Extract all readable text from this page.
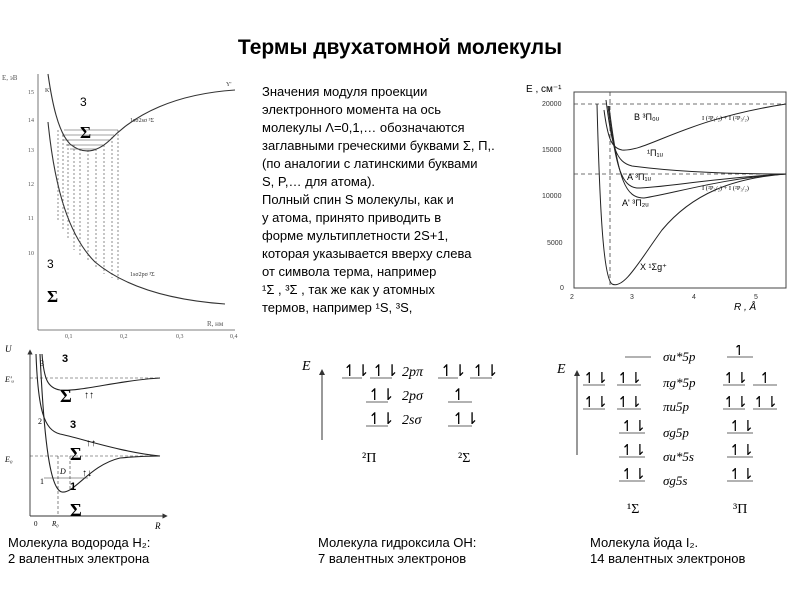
Термы двухатомной молекулы
Значения модуля проекции
электронного момента на ось
молекулы Λ=0,1,… обозначаются
заглавными греческими буквами Σ, Π,.
(по аналогии с латинскими буквами
S, P,… для атома).
Полный спин S молекулы, как и
у атома, принято приводить в
форме мультиплетности 2S+1,
которая указывается вверху слева
от символа терма, например
¹Σ , ³Σ , так же как у атомных
термов, например ¹S, ³S,
E, эВ
R, нм
15
14
13
12
11
10
0,1	0,2	0,3	0,4
K'
Y'
1sσ2sσ ³Σ
1sσ2pσ ³Σ
3
Σ
3
Σ
E , см⁻¹
R , Å
20000
15000
10000
5000
0
2	3	4	5
B ³Π₀ᵤ
¹Π₁ᵤ
A ³Π₁ᵤ
A' ³Π₂ᵤ
X ¹Σg⁺
I (²P₁/₂) + I (²P₃/₂)
I (²P₃/₂) + I (²P₃/₂)
U
R
E'ᵤ
E₀
D
R₀
0
2
1
3 3
Σ ↑↑
3
Σ
↑↑
1
Σ
↑↓
E ↿⇂ ↿⇂	↿⇂ ↿⇂
↿⇂	↿
↿⇂	↿⇂
2pπ
2pσ
2sσ
²Π	²Σ
E
↿
↿⇂ ↿⇂	↿⇂ ↿
↿⇂ ↿⇂	↿⇂ ↿⇂
↿⇂	↿⇂
↿⇂	↿⇂
↿⇂	↿⇂
σu*5p
πg*5p
πu5p
σg5p
σu*5s
σg5s
¹Σ	³Π
Молекула водорода H₂:
2 валентных электрона
Молекула гидроксила OH:
7 валентных электронов
Молекула йода I₂.
14 валентных электронов
